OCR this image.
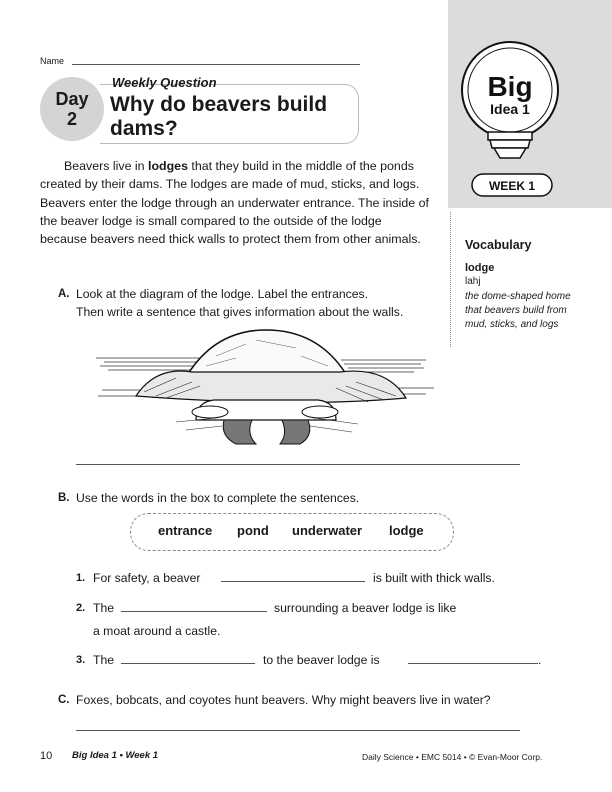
Big
Idea 1
WEEK 1
Name
Day
2
Weekly Question
Why do beavers build dams?

Beavers live in lodges that they build in the middle of the ponds created by their dams. The lodges are made of mud, sticks, and logs. Beavers enter the lodge through an underwater entrance. The inside of the beaver lodge is small compared to the outside of the lodge because beavers need thick walls to protect them from other animals.	Vocabulary
lodge
lahj
the dome-shaped home that beavers build from mud, sticks, and logs
A. Look at the diagram of the lodge. Label the entrances.
Then write a sentence that gives information about the walls.
B. Use the words in the box to complete the sentences.
entrance pond underwater lodge
1. For safety, a beaver	is built with thick walls.
2. The	surrounding a beaver lodge is like
a moat around a castle.
3. The	to the beaver lodge is	.
C. Foxes, bobcats, and coyotes hunt beavers. Why might beavers live in water?
10 Big Idea 1 • Week 1	Daily Science • EMC 5014 • © Evan-Moor Corp.
